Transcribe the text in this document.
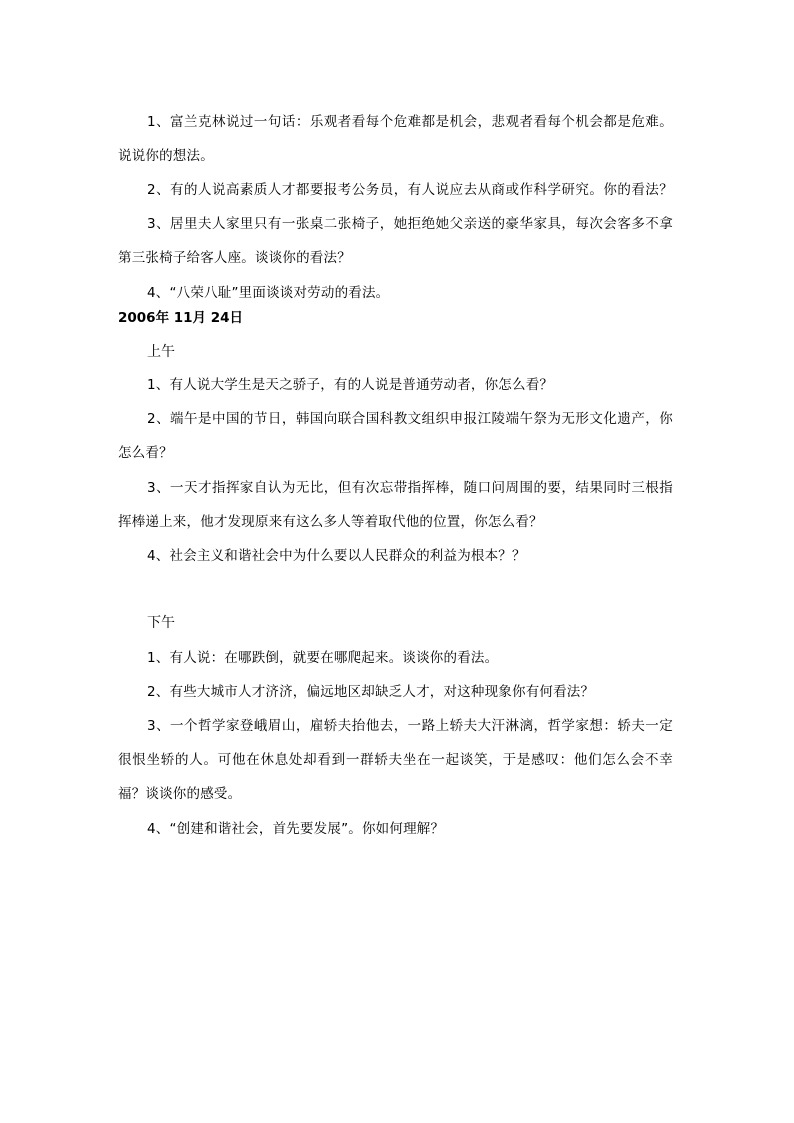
1、富兰克林说过一句话：乐观者看每个危难都是机会，悲观者看每个机会都是危难。
说说你的想法。
2、有的人说高素质人才都要报考公务员，有人说应去从商或作科学研究。你的看法？
3、居里夫人家里只有一张桌二张椅子，她拒绝她父亲送的豪华家具，每次会客多不拿
第三张椅子给客人座。谈谈你的看法？
4、“八荣八耻”里面谈谈对劳动的看法。
2006年 11月 24日
上午
1、有人说大学生是天之骄子，有的人说是普通劳动者，你怎么看？
2、端午是中国的节日，韩国向联合国科教文组织申报江陵端午祭为无形文化遗产，你
怎么看？
3、一天才指挥家自认为无比，但有次忘带指挥棒，随口问周围的要，结果同时三根指
挥棒递上来，他才发现原来有这么多人等着取代他的位置，你怎么看？
4、社会主义和谐社会中为什么要以人民群众的利益为根本？？
下午
1、有人说：在哪跌倒，就要在哪爬起来。谈谈你的看法。
2、有些大城市人才济济，偏远地区却缺乏人才，对这种现象你有何看法？
3、一个哲学家登峨眉山，雇轿夫抬他去，一路上轿夫大汗淋漓，哲学家想：轿夫一定
很恨坐轿的人。可他在休息处却看到一群轿夫坐在一起谈笑，于是感叹：他们怎么会不幸
福？谈谈你的感受。
4、“创建和谐社会，首先要发展”。你如何理解？
